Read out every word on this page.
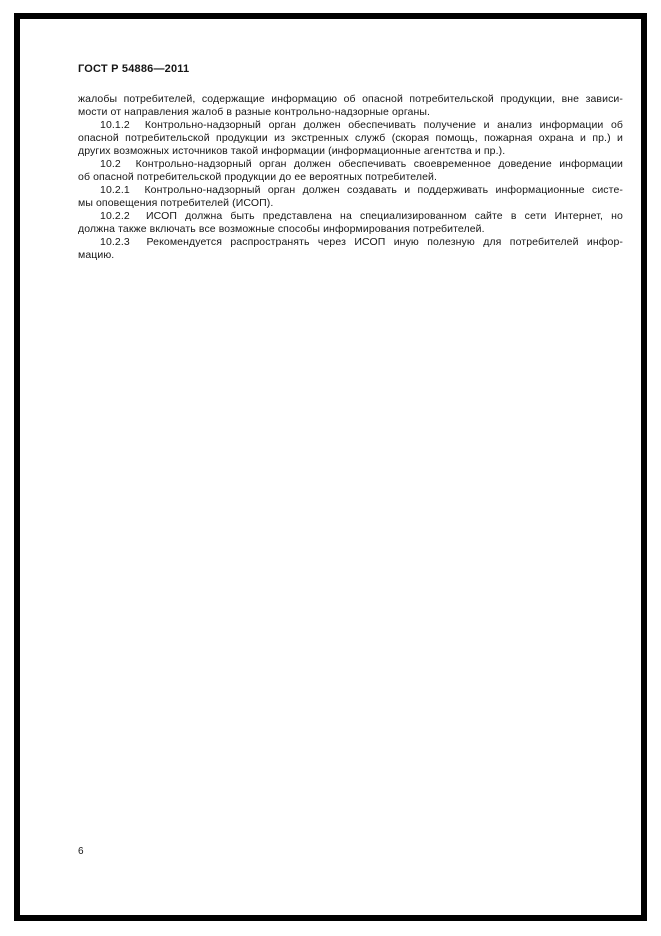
ГОСТ Р 54886—2011
жалобы потребителей, содержащие информацию об опасной потребительской продукции, вне зависи-
мости от направления жалоб в разные контрольно-надзорные органы.
10.1.2  Контрольно-надзорный орган должен обеспечивать получение и анализ информации об
опасной потребительской продукции из экстренных служб (скорая помощь, пожарная охрана и пр.) и
других возможных источников такой информации (информационные агентства и пр.).
10.2  Контрольно-надзорный орган должен обеспечивать своевременное доведение информации
об опасной потребительской продукции до ее вероятных потребителей.
10.2.1  Контрольно-надзорный орган должен создавать и поддерживать информационные систе-
мы оповещения потребителей (ИСОП).
10.2.2  ИСОП должна быть представлена на специализированном сайте в сети Интернет, но
должна также включать все возможные способы информирования потребителей.
10.2.3  Рекомендуется распространять через ИСОП иную полезную для потребителей инфор-
мацию.
6
